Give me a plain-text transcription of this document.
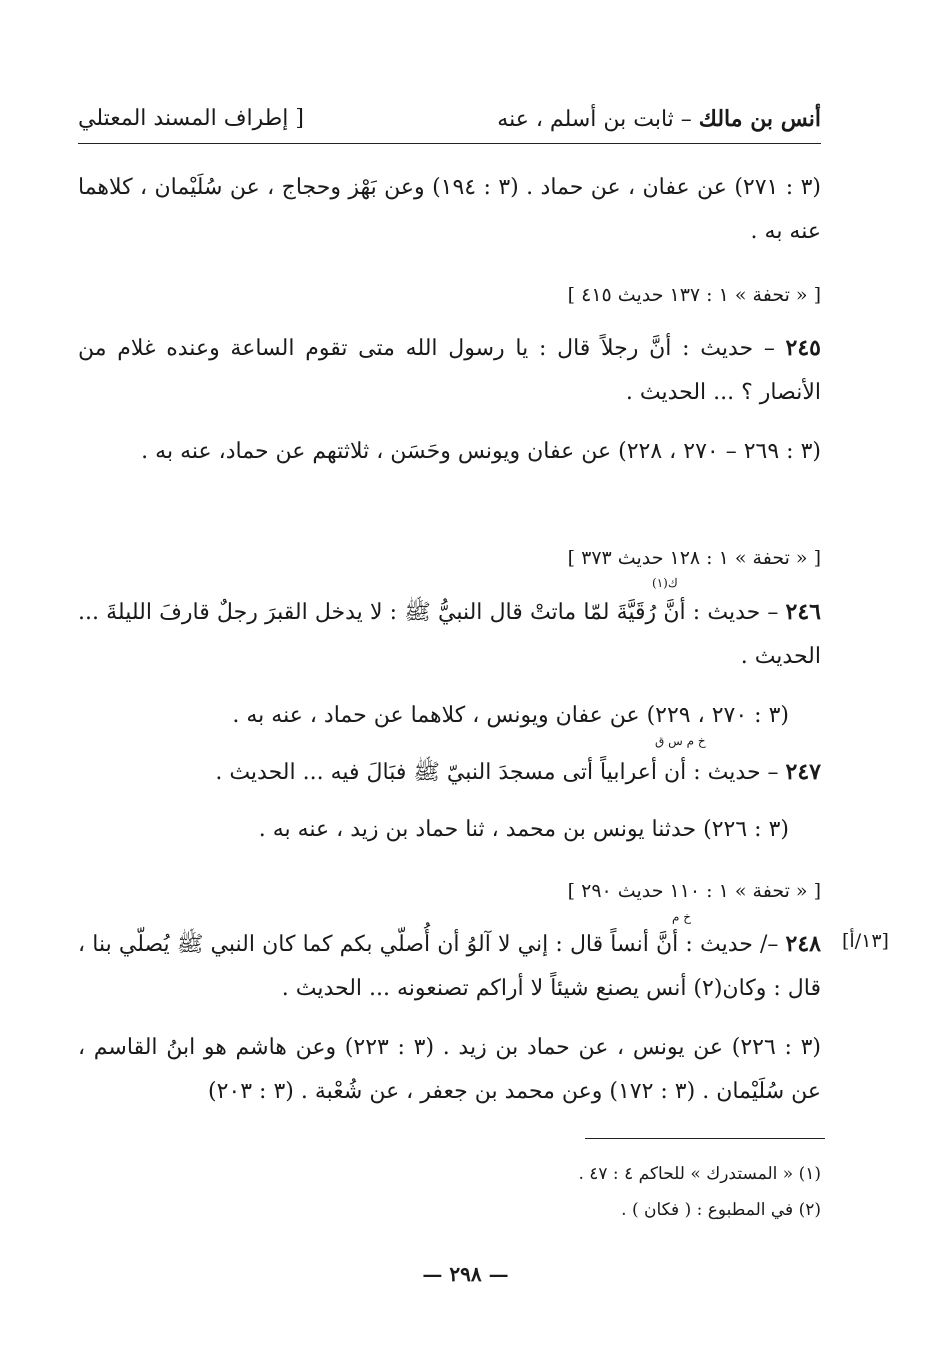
أنس بن مالك – ثابت بن أسلم ، عنه
[ إطراف المسند المعتلي
(٣ : ٢٧١) عن عفان ، عن حماد . (٣ : ١٩٤) وعن بَهْز وحجاج ، عن سُلَيْمان ، كلاهما عنه به .
[ « تحفة » ١ : ١٣٧ حديث ٤١٥ ]
٢٤٥ – حديث : أنَّ رجلاً قال : يا رسول الله متى تقوم الساعة وعنده غلام من الأنصار ؟ ... الحديث .
(٣ : ٢٦٩ – ٢٧٠ ، ٢٢٨) عن عفان ويونس وحَسَن ، ثلاثتهم عن حماد، عنه به .
[ « تحفة » ١ : ١٢٨ حديث ٣٧٣ ]
ك(١)
٢٤٦ – حديث : أنَّ رُقَيَّةَ لمّا ماتتْ قال النبيُّ ﷺ : لا يدخل القبرَ رجلٌ قارفَ الليلةَ ... الحديث .
(٣ : ٢٧٠ ، ٢٢٩) عن عفان ويونس ، كلاهما عن حماد ، عنه به .
خ م س ق
٢٤٧ – حديث : أن أعرابياً أتى مسجدَ النبيّ ﷺ فبَالَ فيه ... الحديث .
(٣ : ٢٢٦) حدثنا يونس بن محمد ، ثنا حماد بن زيد ، عنه به .
[ « تحفة » ١ : ١١٠ حديث ٢٩٠ ]
[١٣/أ]
خ م
٢٤٨ –/ حديث : أنَّ أنساً قال : إني لا آلوُ أن أُصلّي بكم كما كان النبي ﷺ يُصلّي بنا ، قال : وكان(٢) أنس يصنع شيئاً لا أراكم تصنعونه ... الحديث .
(٣ : ٢٢٦) عن يونس ، عن حماد بن زيد . (٣ : ٢٢٣) وعن هاشم هو ابنُ القاسم ، عن سُلَيْمان . (٣ : ١٧٢) وعن محمد بن جعفر ، عن شُعْبة . (٣ : ٢٠٣)
(١) « المستدرك » للحاكم ٤ : ٤٧ .
(٢) في المطبوع : ( فكان ) .
— ٢٩٨ —
